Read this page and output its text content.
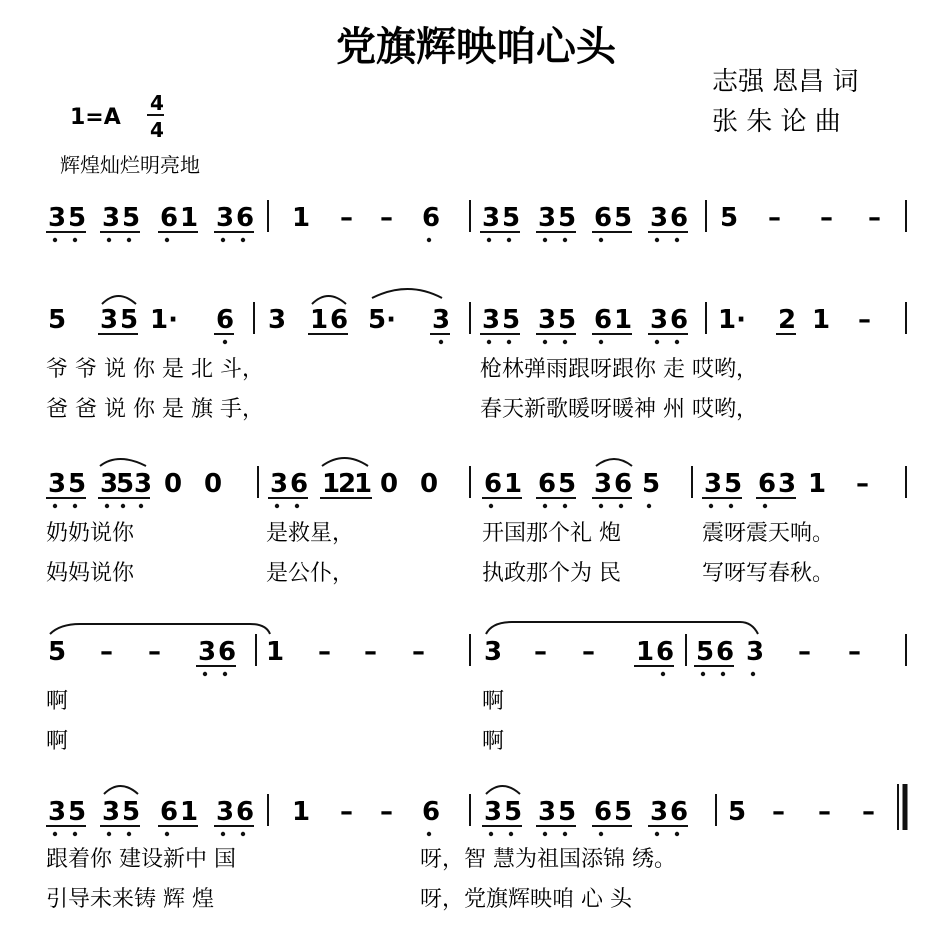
党旗辉映咱心头
1=A
4
4
志强 恩昌 词
张 朱 论 曲
辉煌灿烂明亮地
3 5 3 5 6 1 3 6 1 – – 6 3 5 3 5 6 5 3 6 5 – – –
5 3 5 1· 6 3 1 6 5· 3 3 5 3 5 6 1 3 6 1· 2 1 –
爷 爷 说 你 是 北 斗，	枪林弹雨跟呀跟你 走 哎哟，
爸 爸 说 你 是 旗 手，	春天新歌暖呀暖神 州 哎哟，
3 5 3
5 3 0 0 3 6 1
2
1 0 0 6 1 6 5 3 6 5 3 5 6 3 1 –
奶奶说你	是救星，	开国那个礼 炮	震呀震天响。
妈妈说你	是公仆，	执政那个为 民	写呀写春秋。
5 – – 3 6 1 – – – 3 – – 1 6 5 6 3 – –
啊	啊
啊	啊
3 5 3 5 6 1 3 6 1 – – 6 3 5 3 5 6 5 3 6 5 – – –
跟着你 建设新中 国	呀，智 慧为祖国添锦 绣。
引导未来铸 辉 煌	呀，党旗辉映咱 心 头
